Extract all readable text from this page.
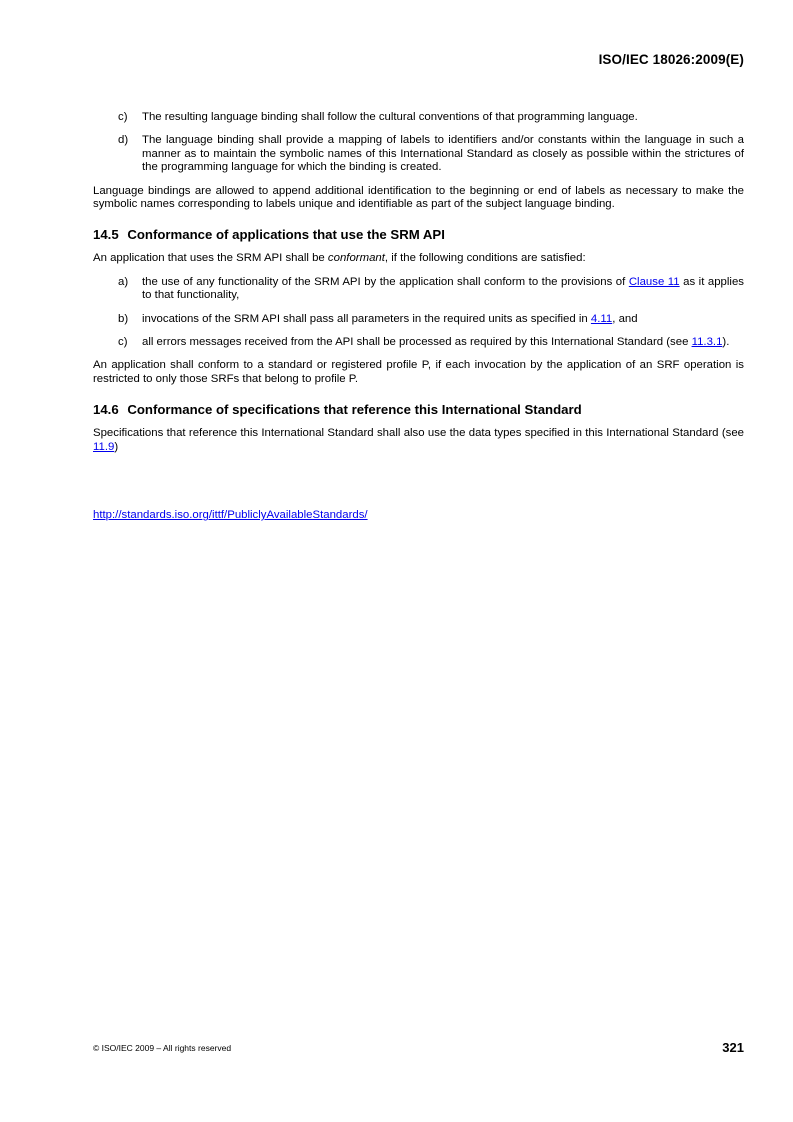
ISO/IEC 18026:2009(E)
c)	The resulting language binding shall follow the cultural conventions of that programming language.
d)	The language binding shall provide a mapping of labels to identifiers and/or constants within the language in such a manner as to maintain the symbolic names of this International Standard as closely as possible within the strictures of the programming language for which the binding is created.

Language bindings are allowed to append additional identification to the beginning or end of labels as necessary to make the symbolic names corresponding to labels unique and identifiable as part of the subject language binding.

14.5 Conformance of applications that use the SRM API

An application that uses the SRM API shall be conformant, if the following conditions are satisfied:

a)	the use of any functionality of the SRM API by the application shall conform to the provisions of Clause 11 as it applies to that functionality,
b)	invocations of the SRM API shall pass all parameters in the required units as specified in 4.11, and
c)	all errors messages received from the API shall be processed as required by this International Standard (see 11.3.1).

An application shall conform to a standard or registered profile P, if each invocation by the application of an SRF operation is restricted to only those SRFs that belong to profile P.

14.6 Conformance of specifications that reference this International Standard

Specifications that reference this International Standard shall also use the data types specified in this International Standard (see 11.9)

http://standards.iso.org/ittf/PubliclyAvailableStandards/

© ISO/IEC 2009 – All rights reserved	321
